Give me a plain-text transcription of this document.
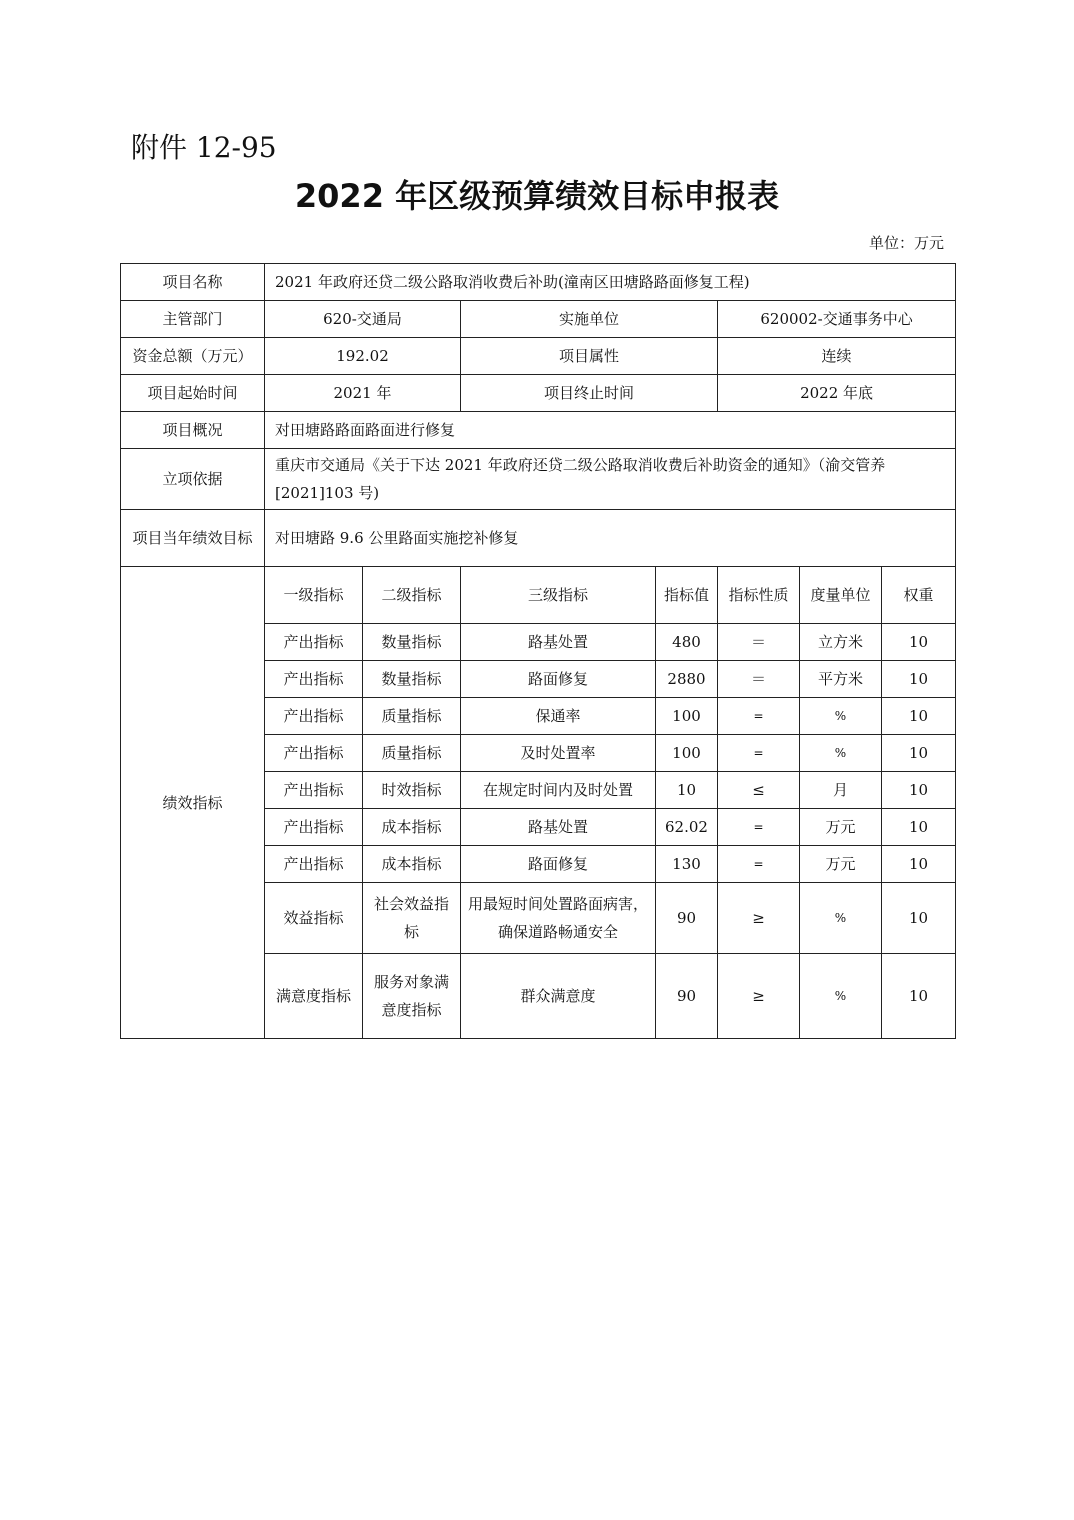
附件 12-95
2022 年区级预算绩效目标申报表
单位：万元
项目名称	2021 年政府还贷二级公路取消收费后补助(潼南区田塘路路面修复工程)						
主管部门	620-交通局		实施单位		620002-交通事务中心		
资金总额（万元）	192.02		项目属性		连续		
项目起始时间	2021 年		项目终止时间		2022 年底		
项目概况	对田塘路路面路面进行修复						
立项依据	重庆市交通局《关于下达 2021 年政府还贷二级公路取消收费后补助资金的通知》（渝交管养[2021]103 号)						
项目当年绩效目标	对田塘路 9.6 公里路面实施挖补修复						
绩效指标	一级指标	二级指标	三级指标	指标值	指标性质	度量单位	权重
	产出指标	数量指标	路基处置	480	＝	立方米	10
	产出指标	数量指标	路面修复	2880	＝	平方米	10
	产出指标	质量指标	保通率	100	=	%	10
	产出指标	质量指标	及时处置率	100	=	%	10
	产出指标	时效指标	在规定时间内及时处置	10	≤	月	10
	产出指标	成本指标	路基处置	62.02	=	万元	10
	产出指标	成本指标	路面修复	130	=	万元	10
	效益指标	社会效益指标	用最短时间处置路面病害，确保道路畅通安全	90	≥	%	10
	满意度指标	服务对象满意度指标	群众满意度	90	≥	%	10
